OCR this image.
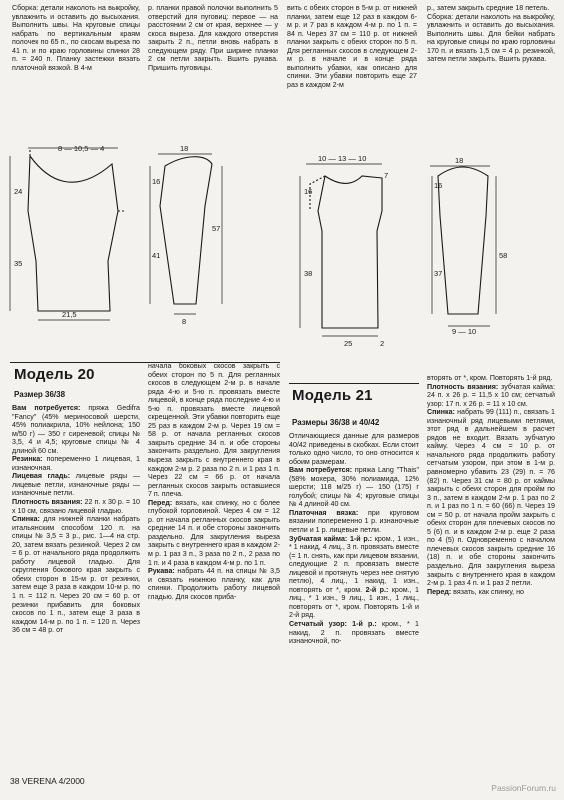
Сборка: детали наколоть на выкройку, увлажнить и оставить до высыхания. Выполнить швы. На круговые спицы набрать по вертикальным краям полочек по 65 п., по скосам выреза по 41 п. и по краю горловины спинки 28 п. = 240 п. Планку застежки вязать платочной вязкой. В 4-м

р. планки правой полочки выполнить 5 отверстий для пуговиц: первое — на расстоянии 2 см от края, верхнее — у скоса выреза. Для каждого отверстия закрыть 2 п., петли вновь набрать в следующем ряду. При ширине планки 2 см петли закрыть. Вшить рукава. Пришить пуговицы.

вить с обеих сторон в 5-м р. от нижней планки, затем еще 12 раз в каждом 6-м р. и 7 раз в каждом 4-м р. по 1 п. = 84 п. Через 37 см = 110 р. от нижней планки закрыть с обеих сторон по 5 п. Для регланных скосов в следующем 2-м р. в начале и в конце ряда выполнить убавки, как описано для спинки. Эти убавки повторить еще 27 раз в каждом 2-м

р., затем закрыть средние 18 петель.

Сборка: детали наколоть на выкройку, увлажнить и оставить до высыхания. Выполнить швы. Для бейки набрать на круговые спицы по краю горловины 170 п. и вязать 1,5 см = 4 р. резинкой, затем петли закрыть. Вшить рукава.

8 — 10,5 — 4
24
35
21,5
18
16
57
41
8
10 — 13 — 10
7
16
38
25	2
18
16
58
37
9 — 10
Модель 20
Размер 36/38

Вам потребуется: пряжа Gedifra "Fancy" (45% мериносовой шерсти, 45% полиакрила, 10% нейлона; 150 м/50 г) — 350 г сиреневой; спицы № 3,5, 4 и 4,5; круговые спицы № 4 длиной 60 см.

Резинка: попеременно 1 лицевая, 1 изнаночная.

Лицевая гладь: лицевые ряды — лицевые петли, изнаночные ряды — изнаночные петли.

Плотность вязания: 22 п. х 30 р. = 10 х 10 см, связано лицевой гладью.

Спинка: для нижней планки набрать итальянским способом 120 п. на спицы № 3,5 = 3 р., рис. 1—4 на стр. 20, затем вязать резинкой. Через 2 см = 6 р. от начального ряда продолжить работу лицевой гладью. Для скругления бокового края закрыть с обеих сторон в 15-м р. от резинки, затем еще 3 раза в каждом 10-м р. по 1 п. = 112 п. Через 20 см = 60 р. от резинки прибавить для боковых скосов по 1 п., затем еще 3 раза в каждом 14-м р. по 1 п. = 120 п. Через 36 см = 48 р. от

начала боковых скосов закрыть с обеих сторон по 5 п. Для регланных скосов в следующем 2-м р. в начале ряда 4-ю и 5-ю п. провязать вместе лицевой, в конце ряда последние 4-ю и 5-ю п. провязать вместе лицевой скрещенной. Эти убавки повторить еще 25 раз в каждом 2-м р. Через 19 см = 58 р. от начала регланных скосов закрыть средние 34 п. и обе стороны закончить раздельно. Для закругления выреза закрыть с внутреннего края в каждом 2-м р. 2 раза по 2 п. и 1 раз 1 п. Через 22 см = 66 р. от начала регланных скосов закрыть оставшиеся 7 п. плеча.

Перед: вязать, как спинку, но с более глубокой горловиной. Через 4 см = 12 р. от начала регланных скосов закрыть средние 14 п. и обе стороны закончить раздельно. Для закругления выреза закрыть с внутреннего края в каждом 2-м р. 1 раз 3 п., 3 раза по 2 п., 2 раза по 1 п. и 4 раза в каждом 4-м р. по 1 п.

Рукава: набрать 44 п. на спицы № 3,5 и связать нижнюю планку, как для спинки. Продолжить работу лицевой гладью. Для скосов приба-

Модель 21
Размеры 36/38 и 40/42

Отличающиеся данные для размеров 40/42 приведены в скобках. Если стоит только одно число, то оно относится к обоим размерам.

Вам потребуется: пряжа Lang "Thais" (58% мохера, 30% полиамида, 12% шерсти; 118 м/25 г) — 150 (175) г голубой; спицы № 4; круговые спицы № 4 длиной 40 см.

Платочная вязка: при круговом вязании попеременно 1 р. изнаночные петли и 1 р. лицевые петли.

Зубчатая кайма: 1-й р.: кром., 1 изн., * 1 накид, 4 лиц., 3 п. провязать вместе (= 1 п. снять, как при лицевом вязании, следующие 2 п. провязать вместе лицевой и протянуть через нее снятую петлю), 4 лиц., 1 накид, 1 изн., повторять от *, кром. 2-й р.: кром., 1 лиц., * 1 изн., 9 лиц., 1 изн., 1 лиц., повторять от *, кром. Повторять 1-й и 2-й ряд.

Сетчатый узор: 1-й р.: кром., * 1 накид, 2 п. провязать вместе изнаночной, по-

вторять от *, кром. Повторять 1-й ряд.

Плотность вязания: зубчатая кайма: 24 п. х 26 р. = 11,5 х 10 см; сетчатый узор: 17 п. х 26 р. = 11 х 10 см.

Спинка: набрать 99 (111) п., связать 1 изнаночный ряд лицевыми петлями, этот ряд в дальнейшем в расчет рядов не входит. Вязать зубчатую кайму. Через 4 см = 10 р. от начального ряда продолжить работу сетчатым узором, при этом в 1-м р. равномерно убавить 23 (29) п. = 76 (82) п. Через 31 см = 80 р. от каймы закрыть с обеих сторон для пройм по 3 п., затем в каждом 2-м р. 1 раз по 2 п. и 1 раз по 1 п. = 60 (66) п. Через 19 см = 50 р. от начала пройм закрыть с обеих сторон для плечевых скосов по 5 (6) п. и в каждом 2-м р. еще 2 раза по 4 (5) п. Одновременно с началом плечевых скосов закрыть средние 16 (18) п. и обе стороны закончить раздельно. Для закругления выреза закрыть с внутреннего края в каждом 2-м р. 1 раз 4 п. и 1 раз 2 петли.

Перед: вязать, как спинку, но

38 VERENA 4/2000
PassionForum.ru
